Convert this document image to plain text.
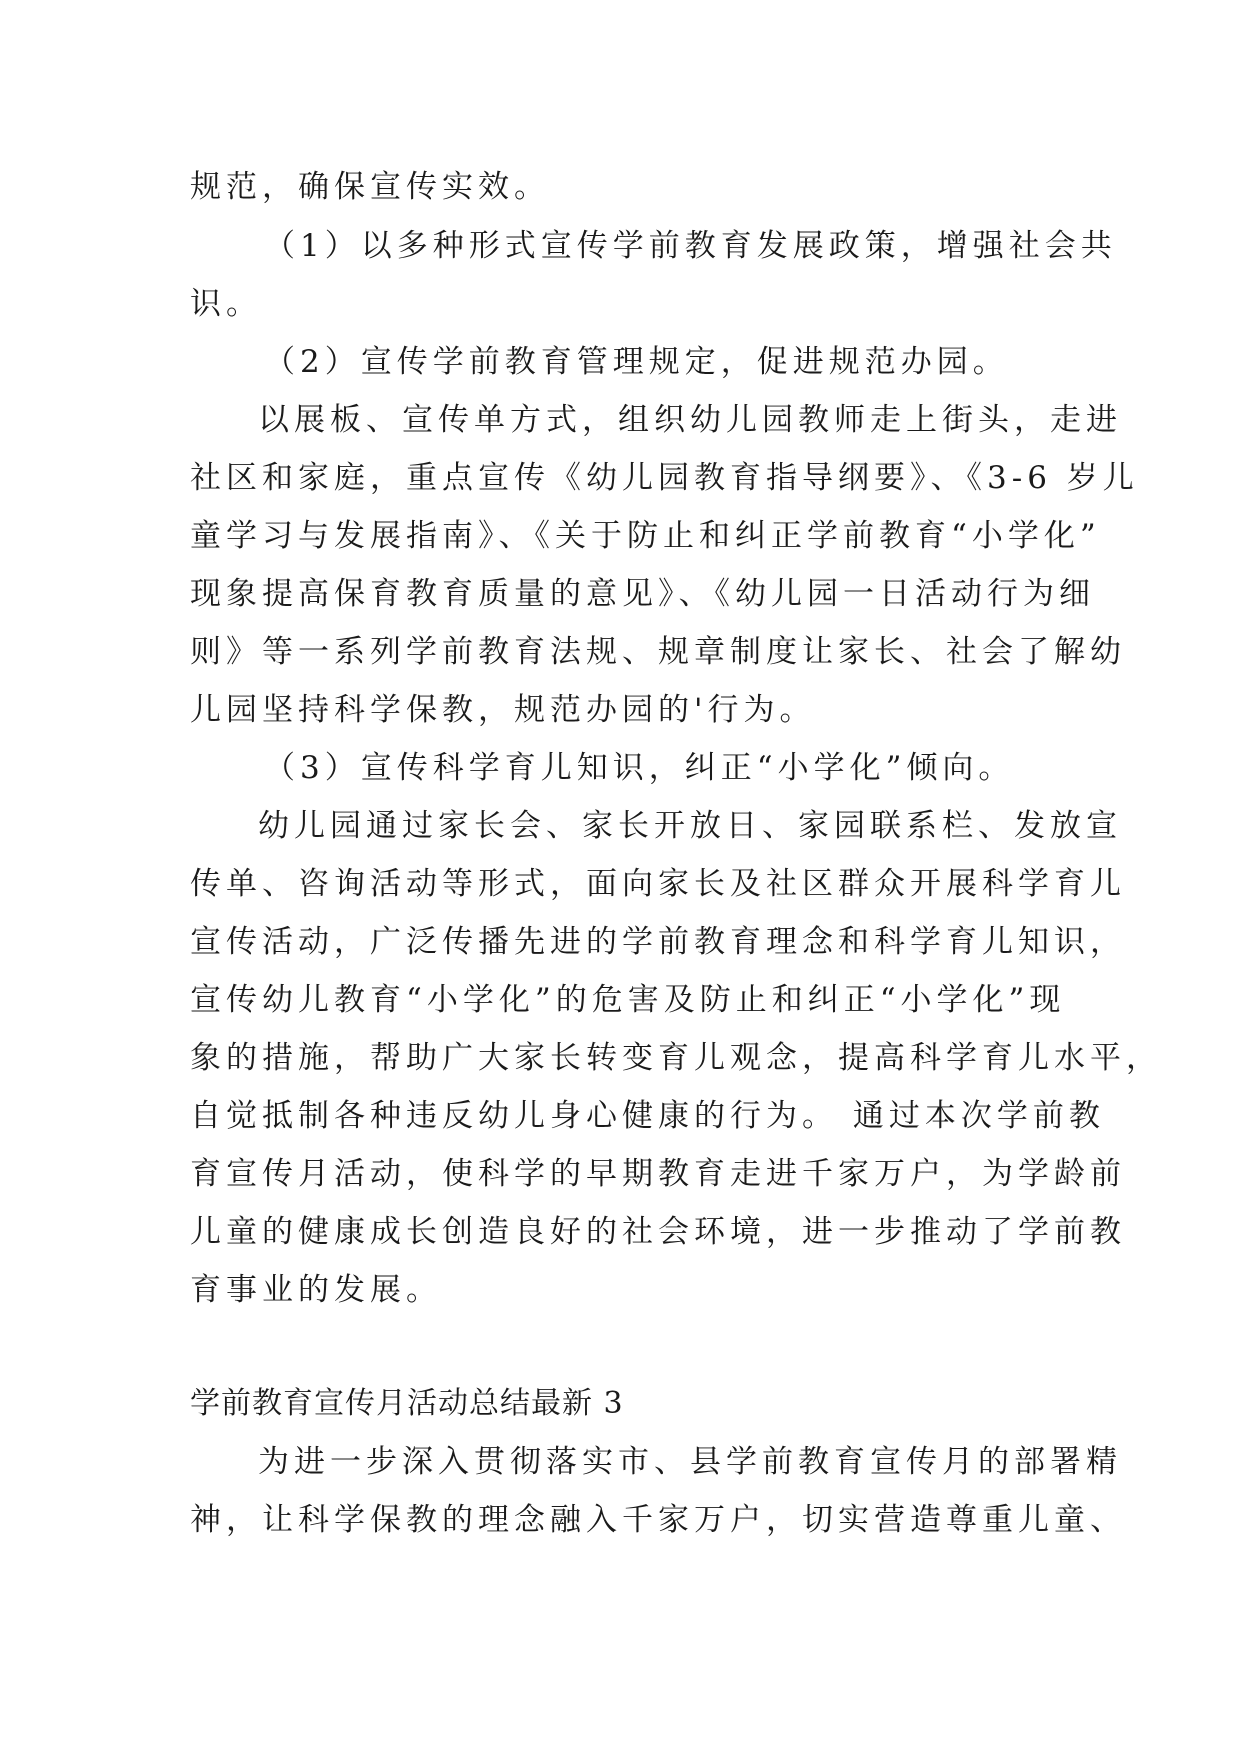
规范，确保宣传实效。
（1）以多种形式宣传学前教育发展政策，增强社会共
识。
（2）宣传学前教育管理规定，促进规范办园。
以展板、宣传单方式，组织幼儿园教师走上街头，走进
社区和家庭，重点宣传《幼儿园教育指导纲要》、《3-6 岁儿
童学习与发展指南》、《关于防止和纠正学前教育“小学化”
现象提高保育教育质量的意见》、《幼儿园一日活动行为细
则》等一系列学前教育法规、规章制度让家长、社会了解幼
儿园坚持科学保教，规范办园的'行为。
（3）宣传科学育儿知识，纠正“小学化”倾向。
幼儿园通过家长会、家长开放日、家园联系栏、发放宣
传单、咨询活动等形式，面向家长及社区群众开展科学育儿
宣传活动，广泛传播先进的学前教育理念和科学育儿知识，
宣传幼儿教育“小学化”的危害及防止和纠正“小学化”现
象的措施，帮助广大家长转变育儿观念，提高科学育儿水平，
自觉抵制各种违反幼儿身心健康的行为。 通过本次学前教
育宣传月活动，使科学的早期教育走进千家万户，为学龄前
儿童的健康成长创造良好的社会环境，进一步推动了学前教
育事业的发展。
学前教育宣传月活动总结最新 3
为进一步深入贯彻落实市、县学前教育宣传月的部署精
神，让科学保教的理念融入千家万户，切实营造尊重儿童、
